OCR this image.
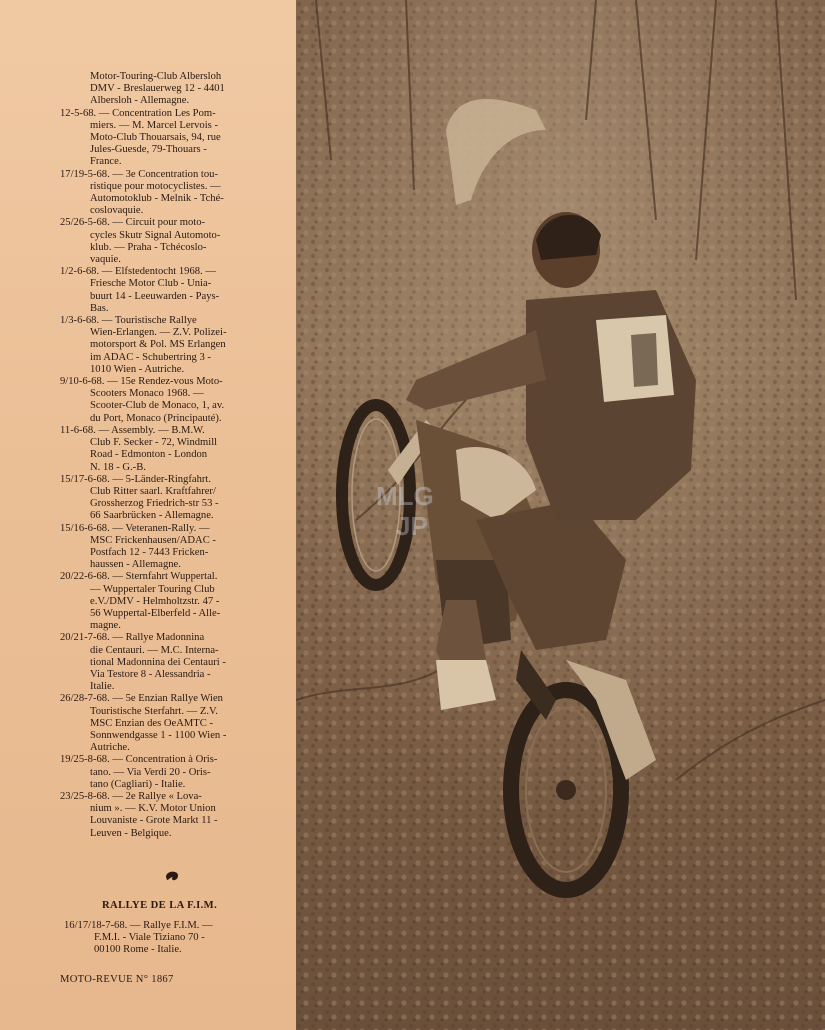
Motor-Touring-Club Albersloh
DMV - Breslauerweg 12 - 4401
Albersloh - Allemagne.
12-5-68. — Concentration Les Pom-
miers. — M. Marcel Lervois -
Moto-Club Thouarsais, 94, rue
Jules-Guesde, 79-Thouars -
France.
17/19-5-68. — 3e Concentration tou-
ristique pour motocyclistes. —
Automotoklub - Melnik - Tché-
coslovaquie.
25/26-5-68. — Circuit pour moto-
cycles Skutr Signal Automoto-
klub. — Praha - Tchécoslo-
vaquie.
1/2-6-68. — Elfstedentocht 1968. —
Friesche Motor Club - Unia-
buurt 14 - Leeuwarden - Pays-
Bas.
1/3-6-68. — Touristische Rallye
Wien-Erlangen. — Z.V. Polizei-
motorsport & Pol. MS Erlangen
im ADAC - Schubertring 3 -
1010 Wien - Autriche.
9/10-6-68. — 15e Rendez-vous Moto-
Scooters Monaco 1968. —
Scooter-Club de Monaco, 1, av.
du Port, Monaco (Principauté).
11-6-68. — Assembly. — B.M.W.
Club F. Secker - 72, Windmill
Road - Edmonton - London
N. 18 - G.-B.
15/17-6-68. — 5-Länder-Ringfahrt.
Club Ritter saarl. Kraftfahrer/
Grossherzog Friedrich-str 53 -
66 Saarbrücken - Allemagne.
15/16-6-68. — Veteranen-Rally. —
MSC Frickenhausen/ADAC -
Postfach 12 - 7443 Fricken-
haussen - Allemagne.
20/22-6-68. — Sternfahrt Wuppertal.
— Wuppertaler Touring Club
e.V./DMV - Helmholtzstr. 47 -
56 Wuppertal-Elberfeld - Alle-
magne.
20/21-7-68. — Rallye Madonnina
die Centauri. — M.C. Interna-
tional Madonnina dei Centauri -
Via Testore 8 - Alessandria -
Italie.
26/28-7-68. — 5e Enzian Rallye Wien
Touristische Sterfahrt. — Z.V.
MSC Enzian des OeAMTC -
Sonnwendgasse 1 - 1100 Wien -
Autriche.
19/25-8-68. — Concentration à Oris-
tano. — Via Verdi 20 - Oris-
tano (Cagliari) - Italie.
23/25-8-68. — 2e Rallye « Lova-
nium ». — K.V. Motor Union
Louvaniste - Grote Markt 11 -
Leuven - Belgique.
RALLYE DE LA F.I.M.
16/17/18-7-68. — Rallye F.I.M. —
F.M.I. - Viale Tiziano 70 -
00100 Rome - Italie.
MOTO-REVUE N° 1867
MLG
JP
